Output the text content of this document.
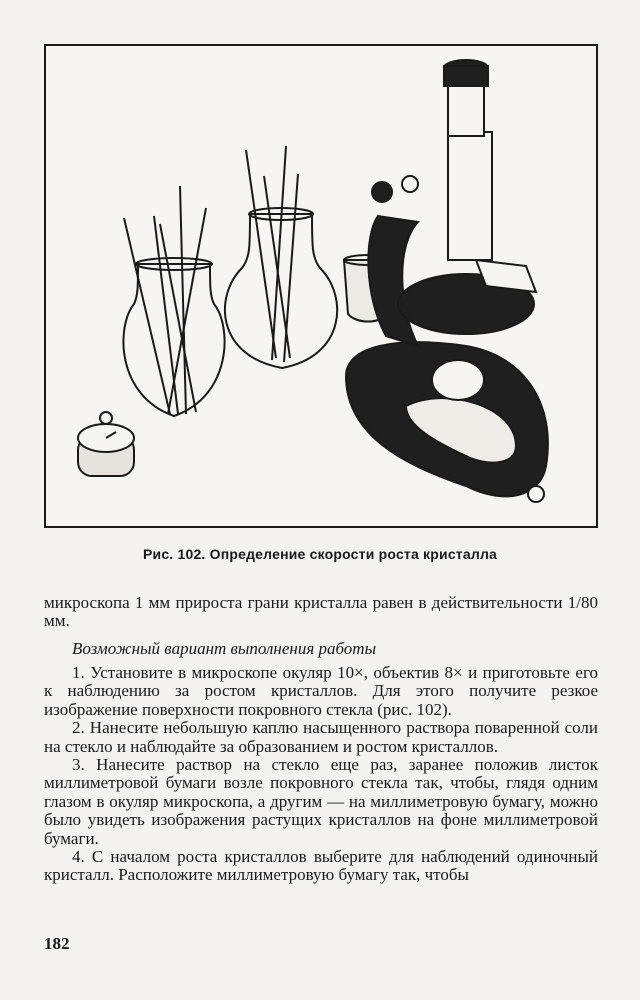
Рис. 102. Определение скорости роста кристалла

микроскопа 1 мм прироста грани кристалла равен в действительности 1/80 мм.

Возможный вариант выполнения работы

1. Установите в микроскопе окуляр 10×, объектив 8× и приготовьте его к наблюдению за ростом кристаллов. Для этого получите резкое изображение поверхности покровного стекла (рис. 102).

2. Нанесите небольшую каплю насыщенного раствора поваренной соли на стекло и наблюдайте за образованием и ростом кристаллов.

3. Нанесите раствор на стекло еще раз, заранее положив листок миллиметровой бумаги возле покровного стекла так, чтобы, глядя одним глазом в окуляр микроскопа, а другим — на миллиметровую бумагу, можно было увидеть изображения растущих кристаллов на фоне миллиметровой бумаги.

4. С началом роста кристаллов выберите для наблюдений одиночный кристалл. Расположите миллиметровую бумагу так, чтобы

182
